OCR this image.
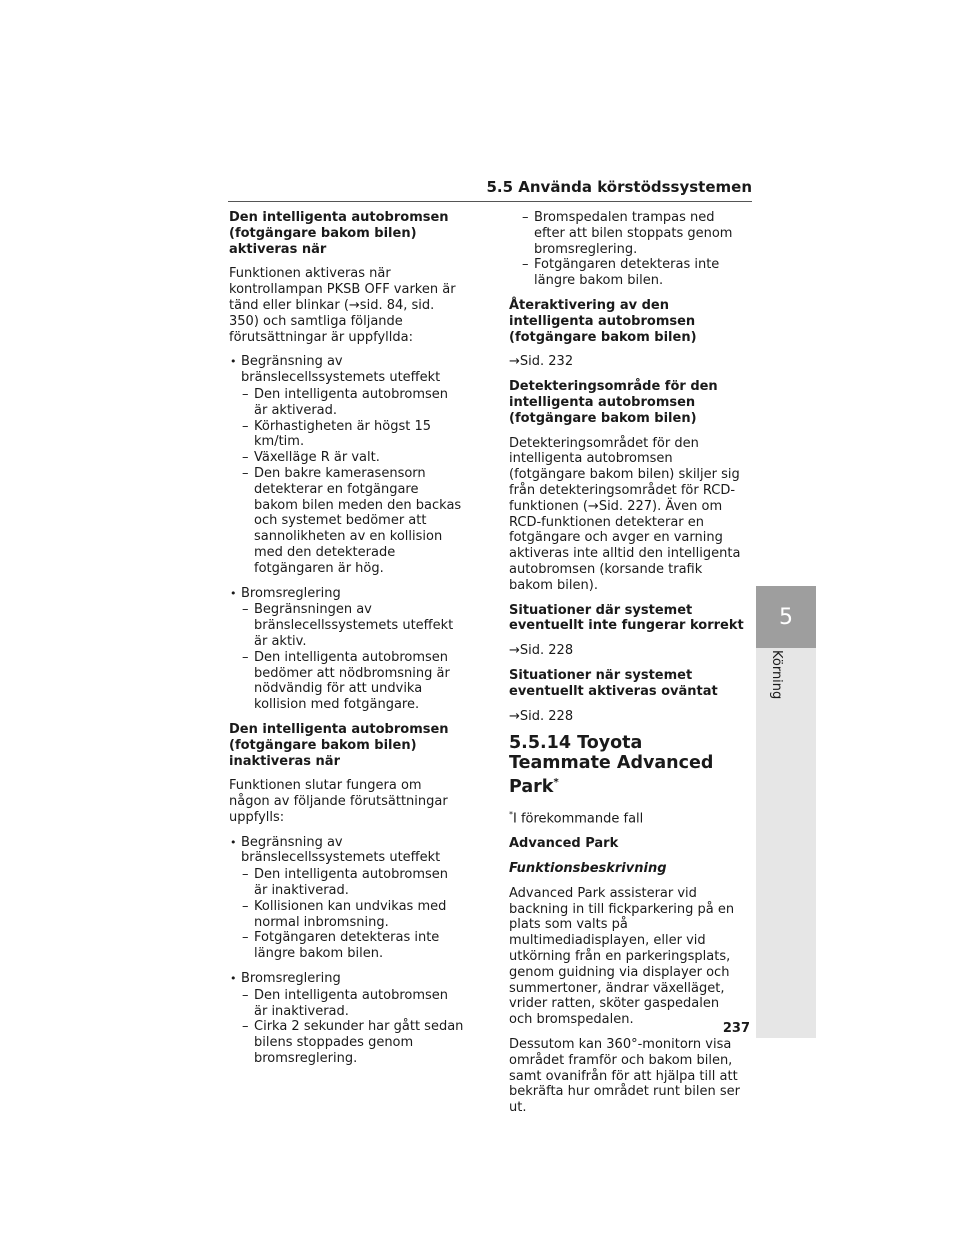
5.5 Använda körstödssystemen
Den intelligenta autobromsen (fotgängare bakom bilen) aktiveras när
Funktionen aktiveras när kontrollampan PKSB OFF varken är tänd eller blinkar (→sid. 84, sid. 350) och samtliga följande förutsättningar är uppfyllda:
• Begränsning av bränslecellssystemets uteffekt
– Den intelligenta autobromsen är aktiverad.
– Körhastigheten är högst 15 km/tim.
– Växelläge R är valt.
– Den bakre kamerasensorn detekterar en fotgängare bakom bilen meden den backas och systemet bedömer att sannolikheten av en kollision med den detekterade fotgängaren är hög.
• Bromsreglering
– Begränsningen av bränslecellssystemets uteffekt är aktiv.
– Den intelligenta autobromsen bedömer att nödbromsning är nödvändig för att undvika kollision med fotgängare.
Den intelligenta autobromsen (fotgängare bakom bilen) inaktiveras när
Funktionen slutar fungera om någon av följande förutsättningar uppfylls:
• Begränsning av bränslecellssystemets uteffekt
– Den intelligenta autobromsen är inaktiverad.
– Kollisionen kan undvikas med normal inbromsning.
– Fotgängaren detekteras inte längre bakom bilen.
• Bromsreglering
– Den intelligenta autobromsen är inaktiverad.
– Cirka 2 sekunder har gått sedan bilens stoppades genom bromsreglering.
– Bromspedalen trampas ned efter att bilen stoppats genom bromsreglering.
– Fotgängaren detekteras inte längre bakom bilen.
Återaktivering av den intelligenta autobromsen (fotgängare bakom bilen)
→Sid. 232
Detekteringsområde för den intelligenta autobromsen (fotgängare bakom bilen)
Detekteringsområdet för den intelligenta autobromsen (fotgängare bakom bilen) skiljer sig från detekteringsområdet för RCD-funktionen (→Sid. 227). Även om RCD-funktionen detekterar en fotgängare och avger en varning aktiveras inte alltid den intelligenta autobromsen (korsande trafik bakom bilen).
Situationer där systemet eventuellt inte fungerar korrekt
→Sid. 228
Situationer när systemet eventuellt aktiveras oväntat
→Sid. 228
5.5.14 Toyota Teammate Advanced Park*
*I förekommande fall
Advanced Park
Funktionsbeskrivning
Advanced Park assisterar vid backning in till fickparkering på en plats som valts på multimediadisplayen, eller vid utkörning från en parkeringsplats, genom guidning via displayer och summertoner, ändrar växelläget, vrider ratten, sköter gaspedalen och bromspedalen.
Dessutom kan 360°-monitorn visa området framför och bakom bilen, samt ovanifrån för att hjälpa till att bekräfta hur området runt bilen ser ut.
5
Körning
237
